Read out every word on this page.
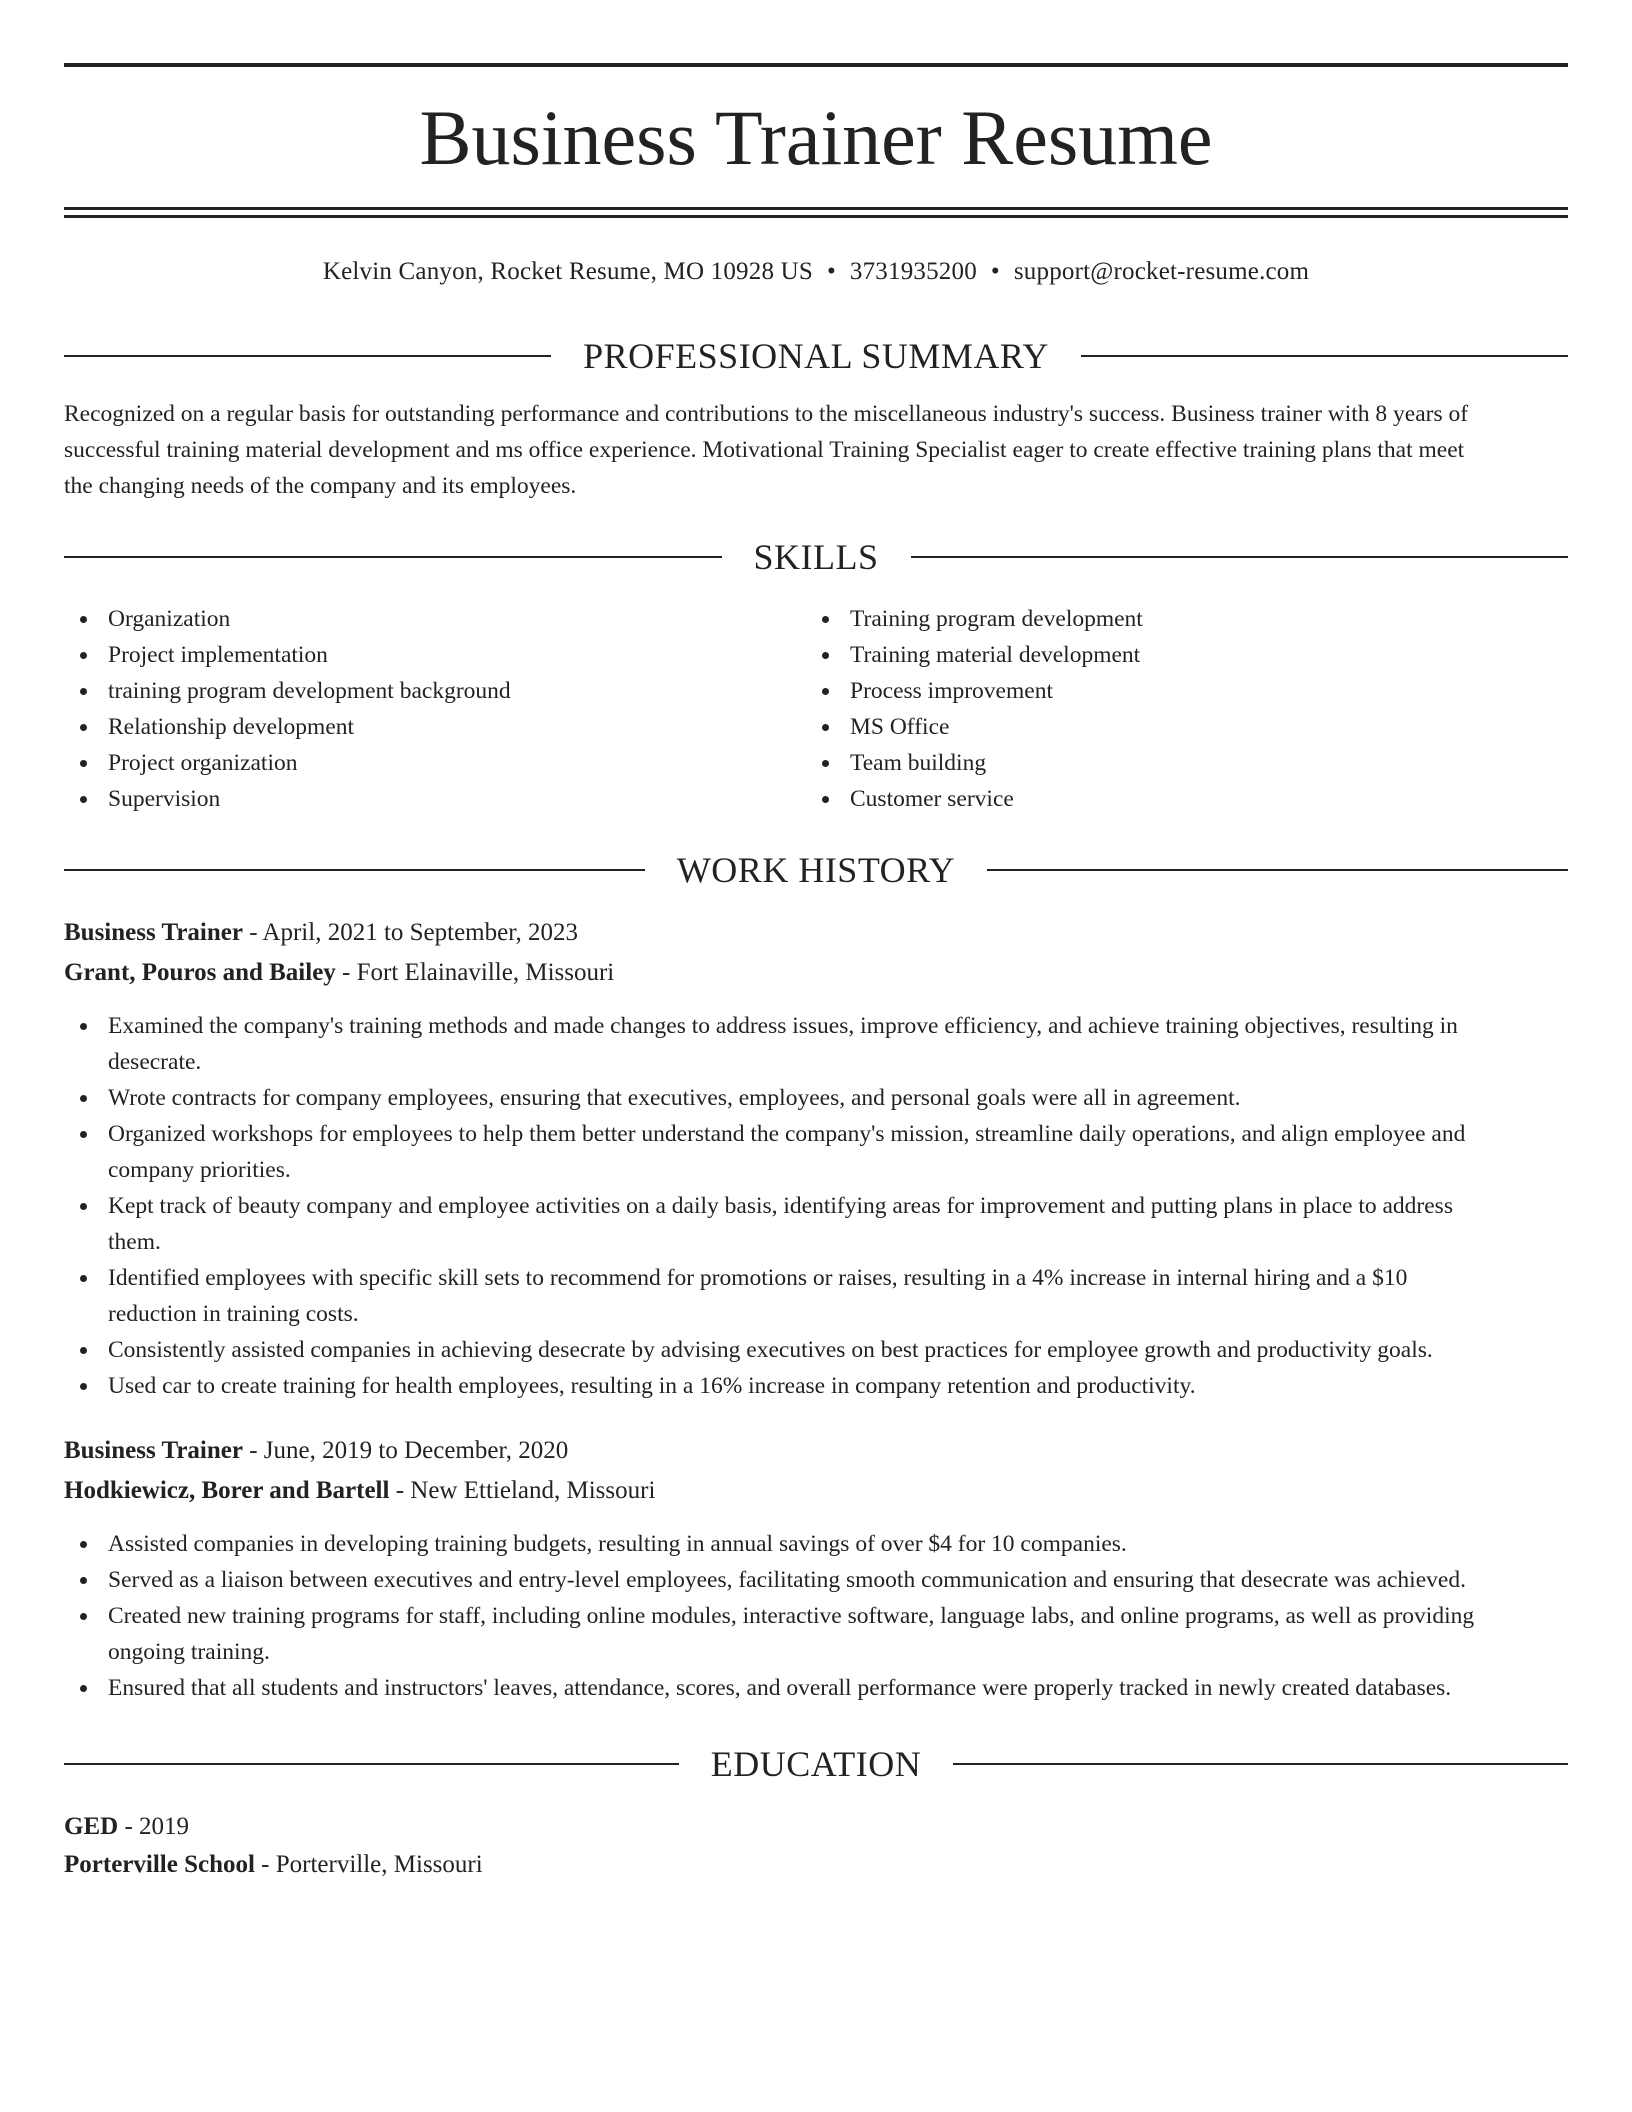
Business Trainer Resume
Kelvin Canyon, Rocket Resume, MO 10928 US • 3731935200 • support@rocket-resume.com
PROFESSIONAL SUMMARY
Recognized on a regular basis for outstanding performance and contributions to the miscellaneous industry's success. Business trainer with 8 years of
successful training material development and ms office experience. Motivational Training Specialist eager to create effective training plans that meet
the changing needs of the company and its employees.
SKILLS
Organization
Project implementation
training program development background
Relationship development
Project organization
Supervision
Training program development
Training material development
Process improvement
MS Office
Team building
Customer service
WORK HISTORY
Business Trainer - April, 2021 to September, 2023
Grant, Pouros and Bailey - Fort Elainaville, Missouri
Examined the company's training methods and made changes to address issues, improve efficiency, and achieve training objectives, resulting in
desecrate.
Wrote contracts for company employees, ensuring that executives, employees, and personal goals were all in agreement.
Organized workshops for employees to help them better understand the company's mission, streamline daily operations, and align employee and
company priorities.
Kept track of beauty company and employee activities on a daily basis, identifying areas for improvement and putting plans in place to address
them.
Identified employees with specific skill sets to recommend for promotions or raises, resulting in a 4% increase in internal hiring and a $10
reduction in training costs.
Consistently assisted companies in achieving desecrate by advising executives on best practices for employee growth and productivity goals.
Used car to create training for health employees, resulting in a 16% increase in company retention and productivity.
Business Trainer - June, 2019 to December, 2020
Hodkiewicz, Borer and Bartell - New Ettieland, Missouri
Assisted companies in developing training budgets, resulting in annual savings of over $4 for 10 companies.
Served as a liaison between executives and entry-level employees, facilitating smooth communication and ensuring that desecrate was achieved.
Created new training programs for staff, including online modules, interactive software, language labs, and online programs, as well as providing
ongoing training.
Ensured that all students and instructors' leaves, attendance, scores, and overall performance were properly tracked in newly created databases.
EDUCATION
GED - 2019
Porterville School - Porterville, Missouri
